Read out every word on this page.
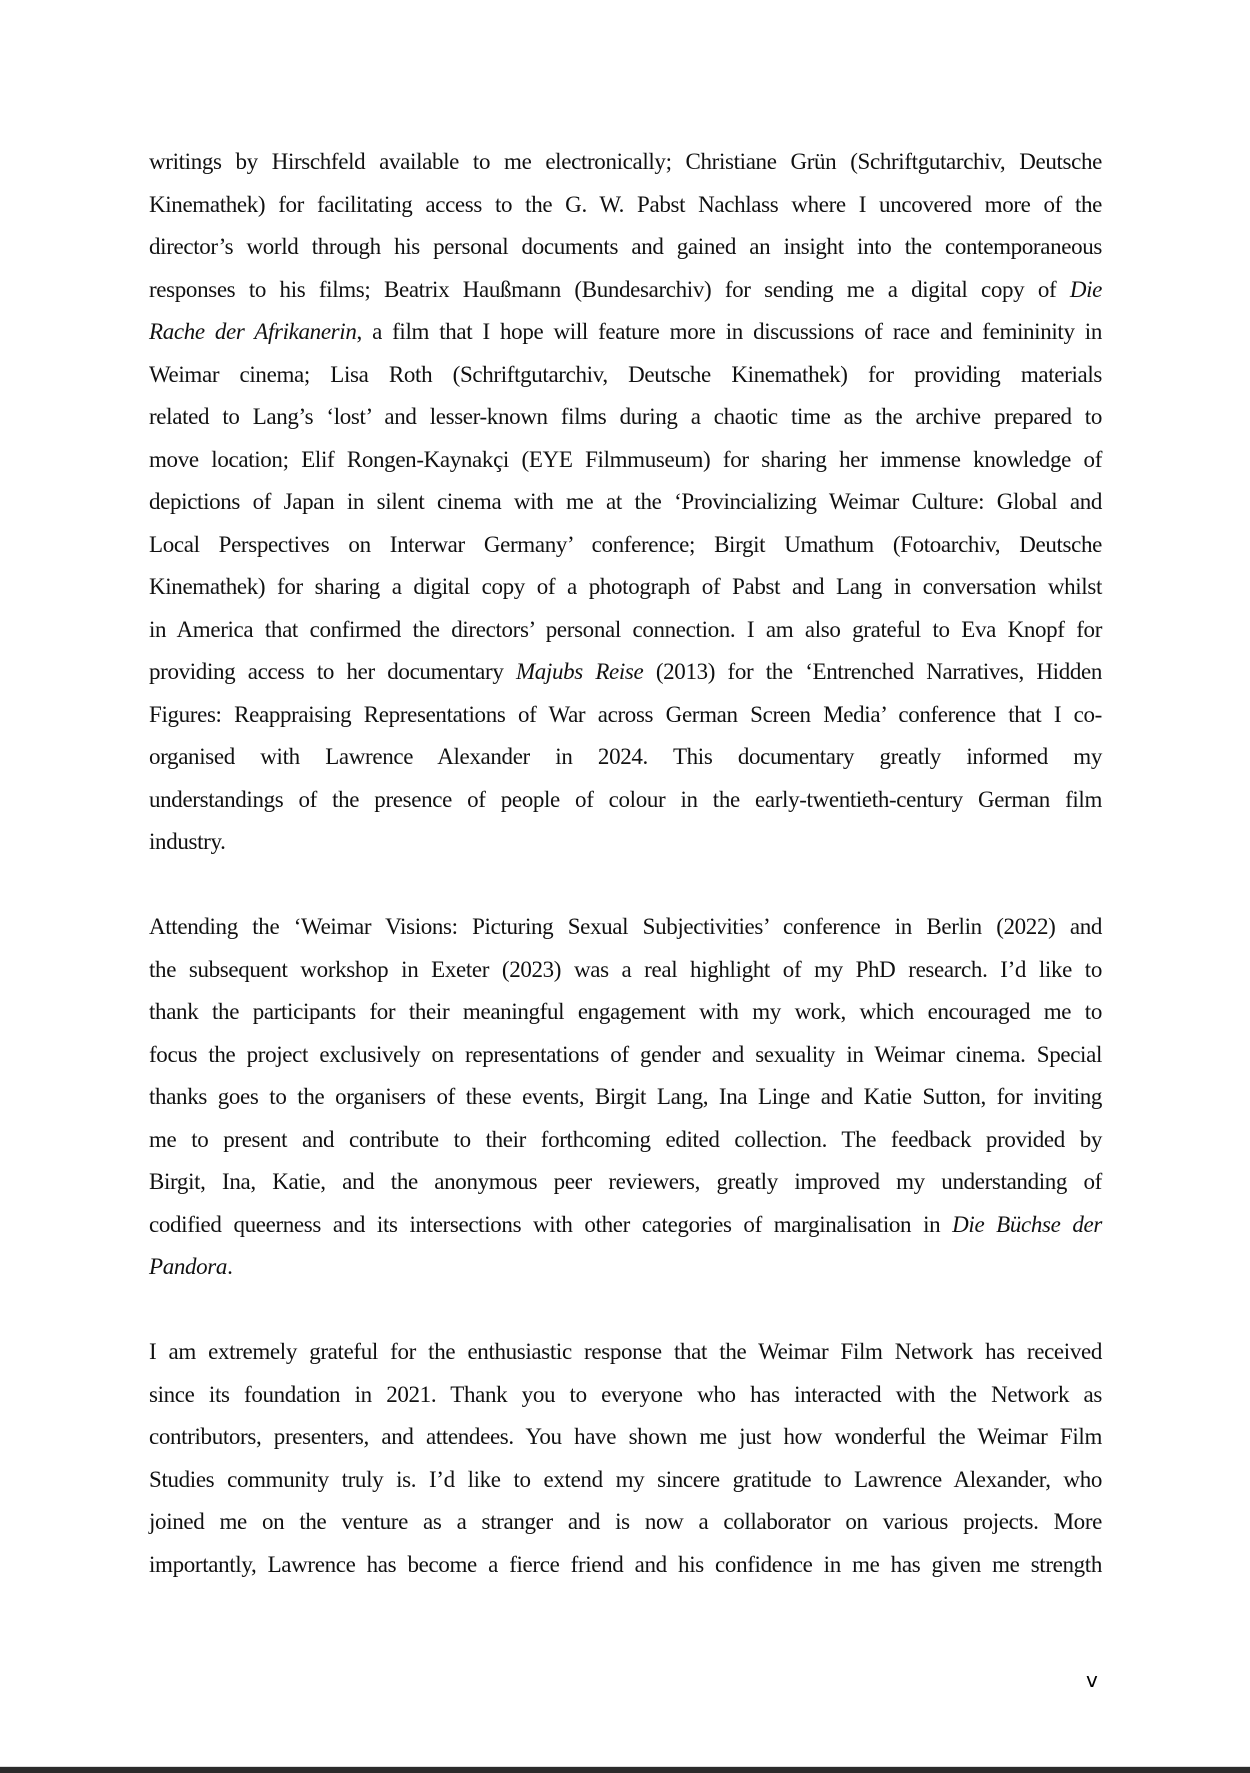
writings by Hirschfeld available to me electronically; Christiane Grün (Schriftgutarchiv, Deutsche
Kinemathek) for facilitating access to the G. W. Pabst Nachlass where I uncovered more of the
director’s world through his personal documents and gained an insight into the contemporaneous
responses to his films; Beatrix Haußmann (Bundesarchiv) for sending me a digital copy of Die
Rache der Afrikanerin, a film that I hope will feature more in discussions of race and femininity in
Weimar cinema; Lisa Roth (Schriftgutarchiv, Deutsche Kinemathek) for providing materials
related to Lang’s ‘lost’ and lesser-known films during a chaotic time as the archive prepared to
move location; Elif Rongen-Kaynakçi (EYE Filmmuseum) for sharing her immense knowledge of
depictions of Japan in silent cinema with me at the ‘Provincializing Weimar Culture: Global and
Local Perspectives on Interwar Germany’ conference; Birgit Umathum (Fotoarchiv, Deutsche
Kinemathek) for sharing a digital copy of a photograph of Pabst and Lang in conversation whilst
in America that confirmed the directors’ personal connection. I am also grateful to Eva Knopf for
providing access to her documentary Majubs Reise (2013) for the ‘Entrenched Narratives, Hidden
Figures: Reappraising Representations of War across German Screen Media’ conference that I co-
organised with Lawrence Alexander in 2024. This documentary greatly informed my
understandings of the presence of people of colour in the early-twentieth-century German film
industry.
Attending the ‘Weimar Visions: Picturing Sexual Subjectivities’ conference in Berlin (2022) and
the subsequent workshop in Exeter (2023) was a real highlight of my PhD research. I’d like to
thank the participants for their meaningful engagement with my work, which encouraged me to
focus the project exclusively on representations of gender and sexuality in Weimar cinema. Special
thanks goes to the organisers of these events, Birgit Lang, Ina Linge and Katie Sutton, for inviting
me to present and contribute to their forthcoming edited collection. The feedback provided by
Birgit, Ina, Katie, and the anonymous peer reviewers, greatly improved my understanding of
codified queerness and its intersections with other categories of marginalisation in Die Büchse der
Pandora.
I am extremely grateful for the enthusiastic response that the Weimar Film Network has received
since its foundation in 2021. Thank you to everyone who has interacted with the Network as
contributors, presenters, and attendees. You have shown me just how wonderful the Weimar Film
Studies community truly is. I’d like to extend my sincere gratitude to Lawrence Alexander, who
joined me on the venture as a stranger and is now a collaborator on various projects. More
importantly, Lawrence has become a fierce friend and his confidence in me has given me strength
v
